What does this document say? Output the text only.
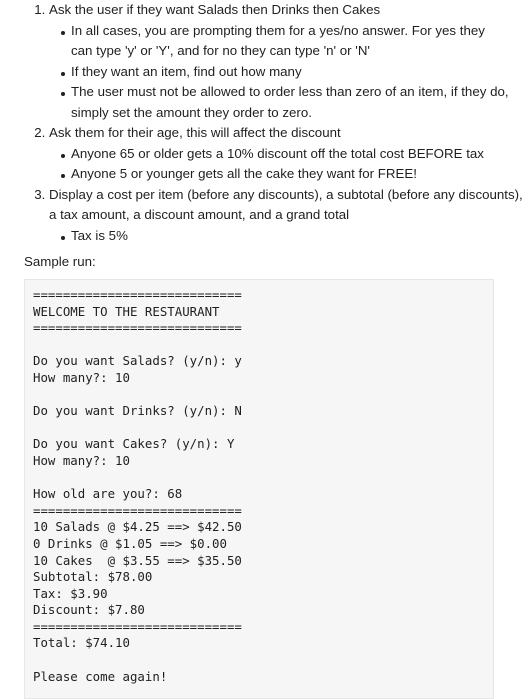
1. Ask the user if they want Salads then Drinks then Cakes
In all cases, you are prompting them for a yes/no answer. For yes they can type 'y' or 'Y', and for no they can type 'n' or 'N'
If they want an item, find out how many
The user must not be allowed to order less than zero of an item, if they do, simply set the amount they order to zero.
2. Ask them for their age, this will affect the discount
Anyone 65 or older gets a 10% discount off the total cost BEFORE tax
Anyone 5 or younger gets all the cake they want for FREE!
3. Display a cost per item (before any discounts), a subtotal (before any discounts), a tax amount, a discount amount, and a grand total
Tax is 5%
Sample run:
============================
WELCOME TO THE RESTAURANT
============================

Do you want Salads? (y/n): y
How many?: 10

Do you want Drinks? (y/n): N

Do you want Cakes? (y/n): Y
How many?: 10

How old are you?: 68
============================
10 Salads @ $4.25 ==> $42.50
0 Drinks @ $1.05 ==> $0.00
10 Cakes  @ $3.55 ==> $35.50
Subtotal: $78.00
Tax: $3.90
Discount: $7.80
============================
Total: $74.10

Please come again!
